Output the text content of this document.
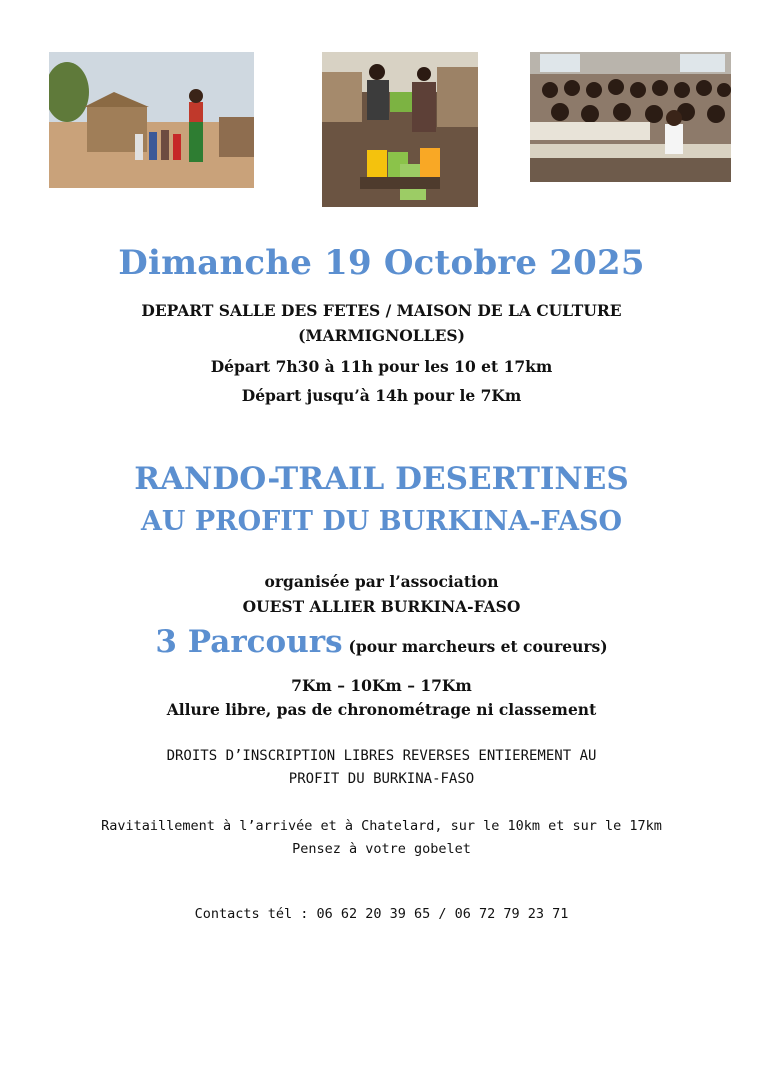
Dimanche 19 Octobre 2025
DEPART SALLE DES FETES / MAISON DE LA CULTURE
(MARMIGNOLLES)
Départ 7h30 à 11h pour les 10 et 17km
Départ jusqu’à 14h pour le 7Km
RANDO-TRAIL DESERTINES
AU PROFIT DU BURKINA-FASO
organisée par l’association
OUEST ALLIER BURKINA-FASO
3 Parcours (pour marcheurs et coureurs)
7Km – 10Km – 17Km
Allure libre, pas de chronométrage ni classement
DROITS D’INSCRIPTION LIBRES REVERSES ENTIEREMENT AU
PROFIT DU BURKINA-FASO
Ravitaillement à l’arrivée et à Chatelard, sur le 10km et sur le 17km
Pensez à votre gobelet
Contacts tél : 06 62 20 39 65 / 06 72 79 23 71
